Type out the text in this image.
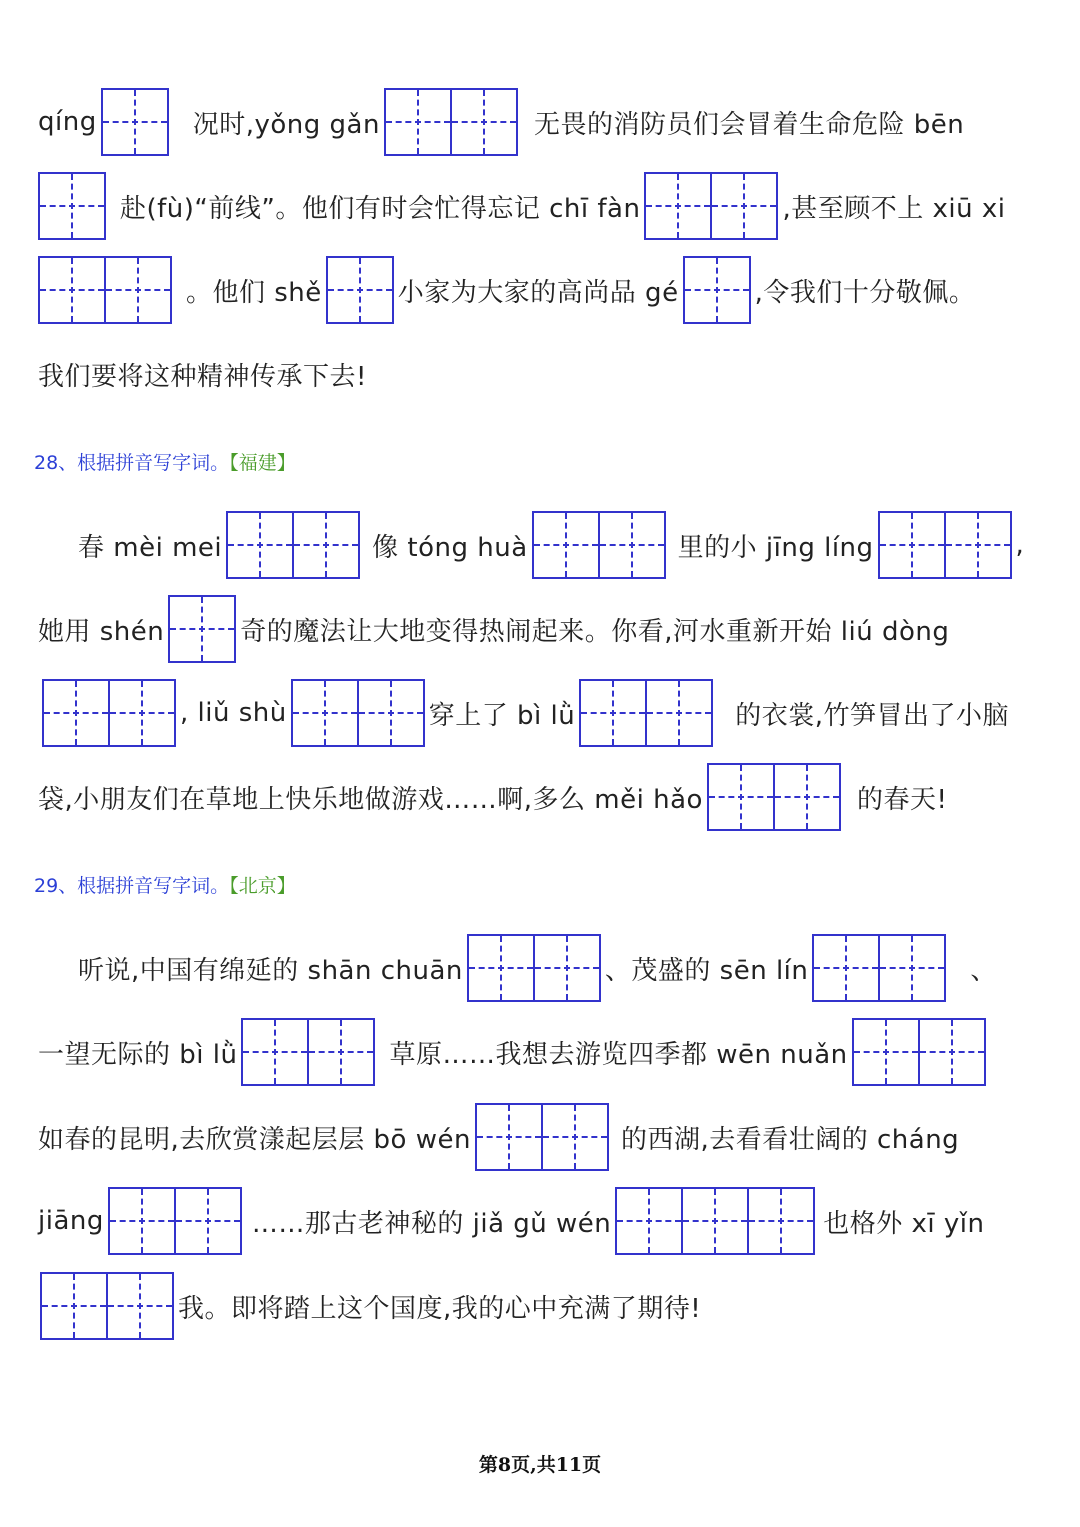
qíng	况时,yǒng gǎn	无畏的消防员们会冒着生命危险 bēn
赴(fù)“前线”。他们有时会忙得忘记 chī fàn	,甚至顾不上 xiū xi
。他们 shě	小家为大家的高尚品 gé	,令我们十分敬佩。
我们要将这种精神传承下去!
28、根据拼音写字词。【福建】
春 mèi mei	像 tóng huà	里的小 jīng líng	,
她用 shén	奇的魔法让大地变得热闹起来。你看,河水重新开始 liú dòng
, liǔ shù	穿上了 bì lǜ	的衣裳,竹笋冒出了小脑
袋,小朋友们在草地上快乐地做游戏……啊,多么 měi hǎo	的春天!
29、根据拼音写字词。【北京】
听说,中国有绵延的 shān chuān	、茂盛的 sēn lín	、
一望无际的 bì lǜ	草原……我想去游览四季都 wēn nuǎn
如春的昆明,去欣赏漾起层层 bō wén	的西湖,去看看壮阔的 cháng
jiāng	……那古老神秘的 jiǎ gǔ wén	也格外 xī yǐn
我。即将踏上这个国度,我的心中充满了期待!
第8页,共11页
